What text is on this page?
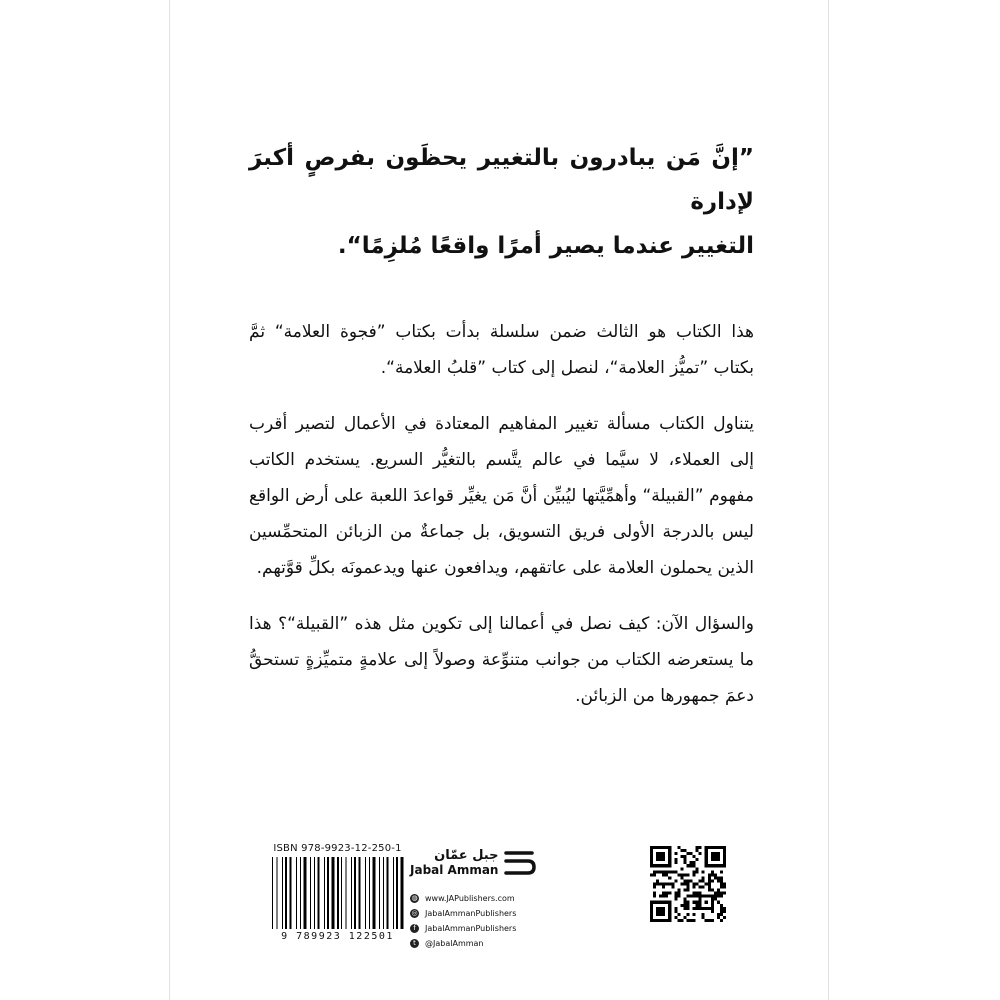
”إنَّ مَن يبادرون بالتغيير يحظَون بفرصٍ أكبرَ لإدارة
التغيير عندما يصير أمرًا واقعًا مُلزِمًا“.

هذا الكتاب هو الثالث ضمن سلسلة بدأت بكتاب ”فجوة العلامة“ ثمَّ بكتاب ”تميُّز العلامة“، لنصل إلى كتاب ”قلبُ العلامة“.

يتناول الكتاب مسألة تغيير المفاهيم المعتادة في الأعمال لتصير أقرب إلى العملاء، لا سيَّما في عالم يتَّسم بالتغيُّر السريع. يستخدم الكاتب مفهوم ”القبيلة“ وأهمِّيَّتها ليُبيِّن أنَّ مَن يغيِّر قواعدَ اللعبة على أرض الواقع ليس بالدرجة الأولى فريق التسويق، بل جماعةٌ من الزبائن المتحمِّسين الذين يحملون العلامة على عاتقهم، ويدافعون عنها ويدعمونَه بكلِّ قوَّتهم.

والسؤال الآن: كيف نصل في أعمالنا إلى تكوين مثل هذه ”القبيلة“؟ هذا ما يستعرضه الكتاب من جوانب متنوِّعة وصولاً إلى علامةٍ متميِّزةٍ تستحقُّ دعمَ جمهورها من الزبائن.

ISBN 978-9923-12-250-1
9 789923 122501
جبل عمّان
Jabal Amman
◍ www.JAPublishers.com
◎ JabalAmmanPublishers
f	JabalAmmanPublishers
t	@JabalAmman
